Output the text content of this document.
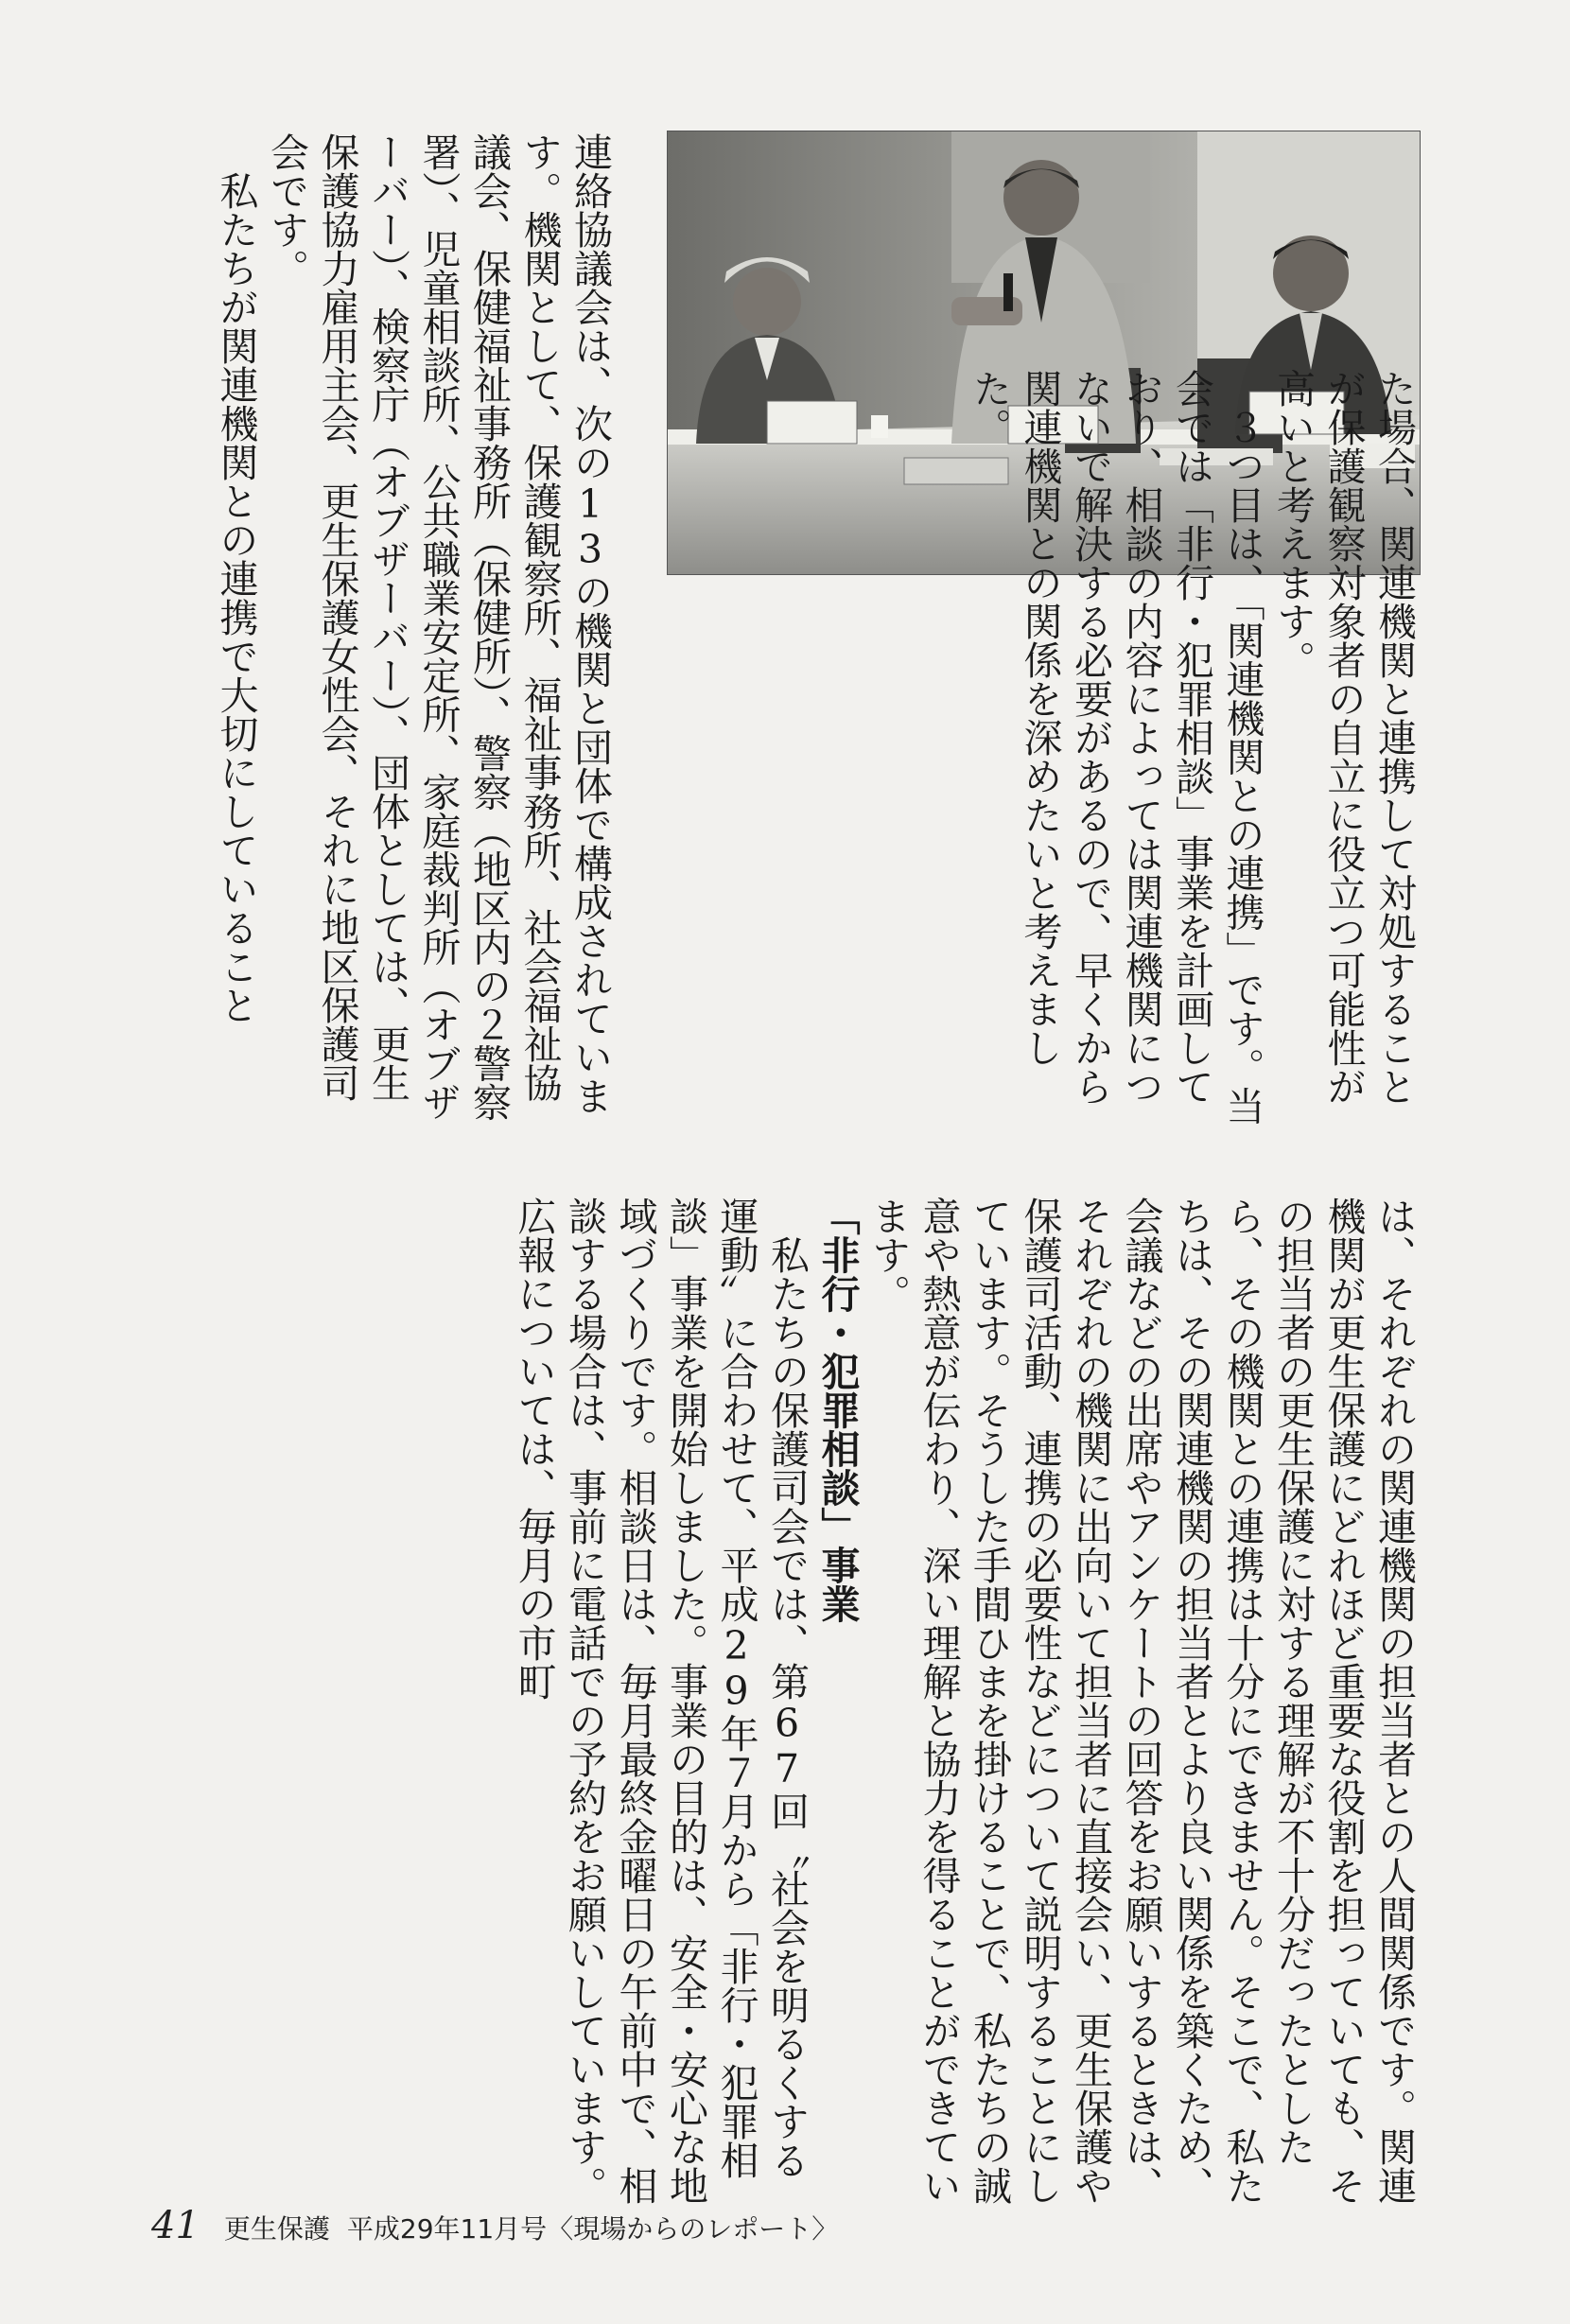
た場合、関連機関と連携して対処することが保護観察対象者の自立に役立つ可能性が高いと考えます。

３つ目は、「関連機関との連携」です。当会では「非行・犯罪相談」事業を計画しており、相談の内容によっては関連機関につないで解決する必要があるので、早くから関連機関との関係を深めたいと考えました。

連絡協議会は、次の13の機関と団体で構成されています。機関として、保護観察所、福祉事務所、社会福祉協議会、保健福祉事務所（保健所）、警察（地区内の２警察署）、児童相談所、公共職業安定所、家庭裁判所（オブザーバー）、検察庁（オブザーバー）、団体としては、更生保護協力雇用主会、更生保護女性会、それに地区保護司会です。

私たちが関連機関との連携で大切にしていること

は、それぞれの関連機関の担当者との人間関係です。関連機関が更生保護にどれほど重要な役割を担っていても、その担当者の更生保護に対する理解が不十分だったとしたら、その機関との連携は十分にできません。そこで、私たちは、その関連機関の担当者とより良い関係を築くため、会議などの出席やアンケートの回答をお願いするときは、それぞれの機関に出向いて担当者に直接会い、更生保護や保護司活動、連携の必要性などについて説明することにしています。そうした手間ひまを掛けることで、私たちの誠意や熱意が伝わり、深い理解と協力を得ることができています。

「非行・犯罪相談」事業

私たちの保護司会では、第67回〝社会を明るくする運動〟に合わせて、平成29年７月から「非行・犯罪相談」事業を開始しました。事業の目的は、安全・安心な地域づくりです。相談日は、毎月最終金曜日の午前中で、相談する場合は、事前に電話での予約をお願いしています。広報については、毎月の市町

41 更生保護 平成29年11月号〈現場からのレポート〉
